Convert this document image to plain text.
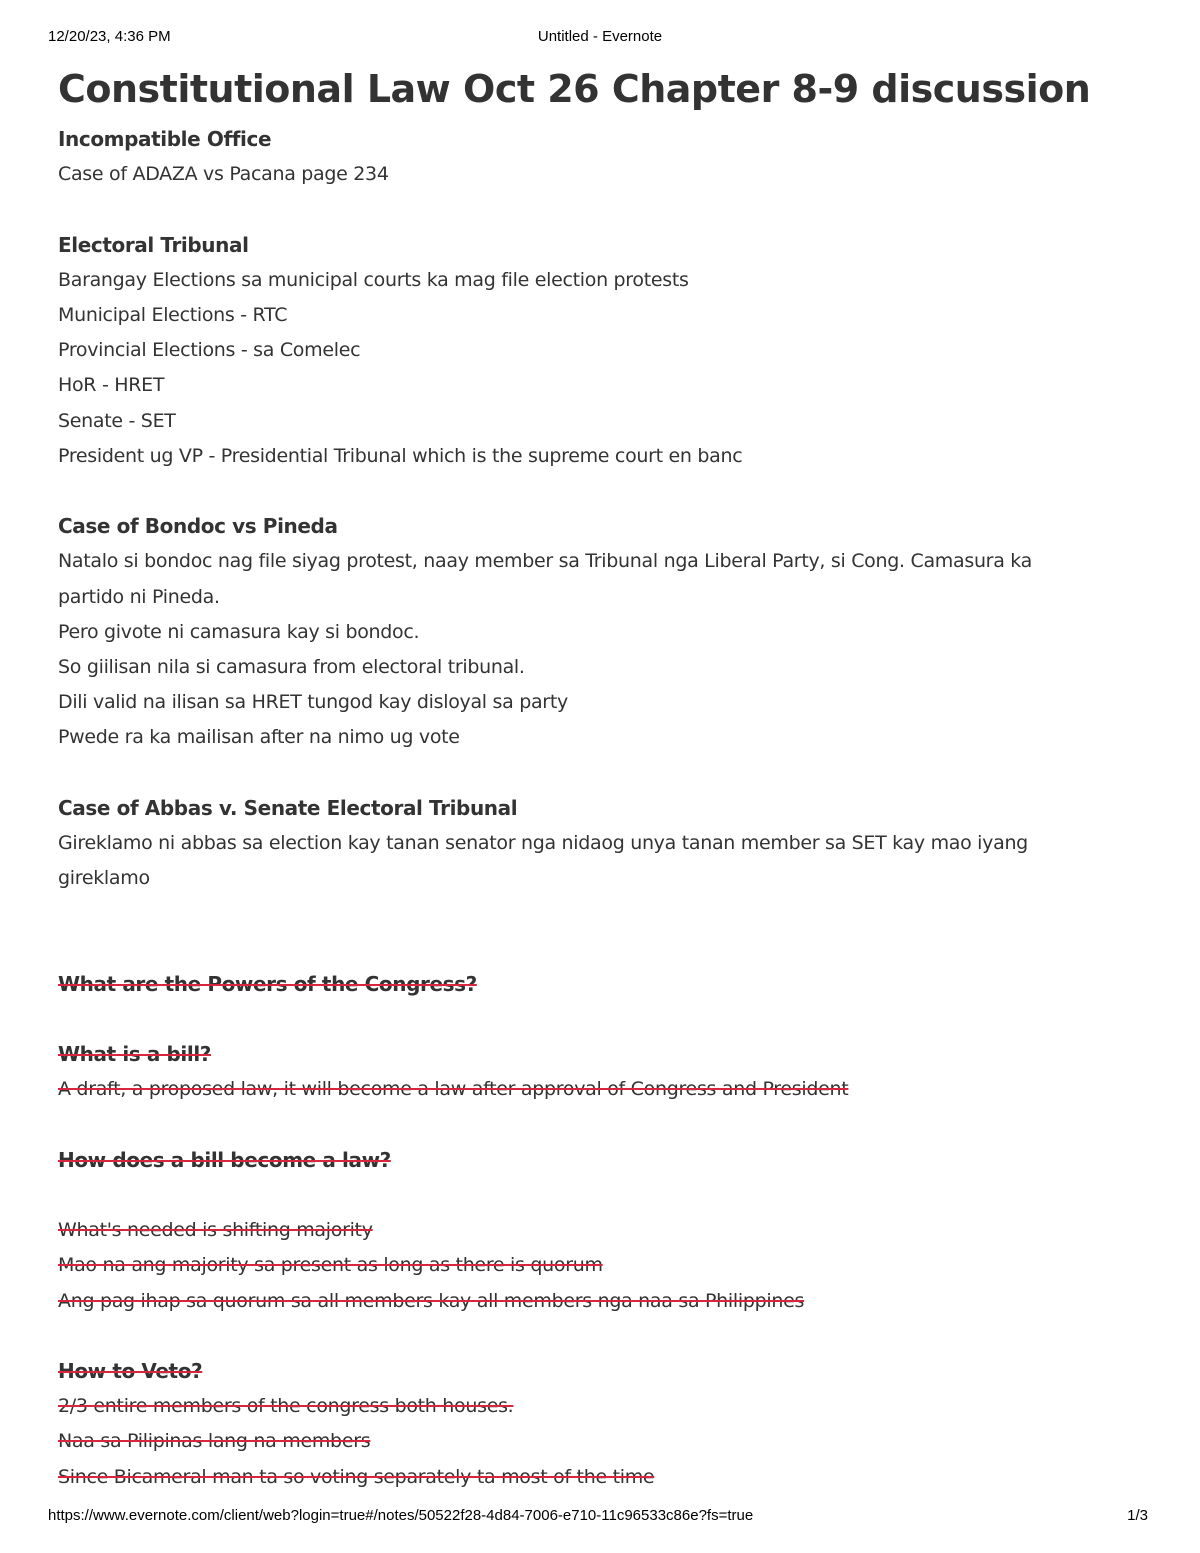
12/20/23, 4:36 PM	Untitled - Evernote
Constitutional Law Oct 26 Chapter 8-9 discussion
Incompatible Office
Case of ADAZA vs Pacana page 234
Electoral Tribunal
Barangay Elections sa municipal courts ka mag file election protests
Municipal Elections - RTC
Provincial Elections - sa Comelec
HoR - HRET
Senate - SET
President ug VP - Presidential Tribunal which is the supreme court en banc
Case of Bondoc vs Pineda
Natalo si bondoc nag file siyag protest, naay member sa Tribunal nga Liberal Party, si Cong. Camasura ka
partido ni Pineda.
Pero givote ni camasura kay si bondoc.
So giilisan nila si camasura from electoral tribunal.
Dili valid na ilisan sa HRET tungod kay disloyal sa party
Pwede ra ka mailisan after na nimo ug vote
Case of Abbas v. Senate Electoral Tribunal
Gireklamo ni abbas sa election kay tanan senator nga nidaog unya tanan member sa SET kay mao iyang
gireklamo
What are the Powers of the Congress?
What is a bill?
A draft, a proposed law, it will become a law after approval of Congress and President
How does a bill become a law?
What's needed is shifting majority
Mao na ang majority sa present as long as there is quorum
Ang pag ihap sa quorum sa all members kay all members nga naa sa Philippines
How to Veto?
2/3 entire members of the congress both houses.
Naa sa Pilipinas lang na members
Since Bicameral man ta so voting separately ta most of the time
https://www.evernote.com/client/web?login=true#/notes/50522f28-4d84-7006-e710-11c96533c86e?fs=true	1/3
